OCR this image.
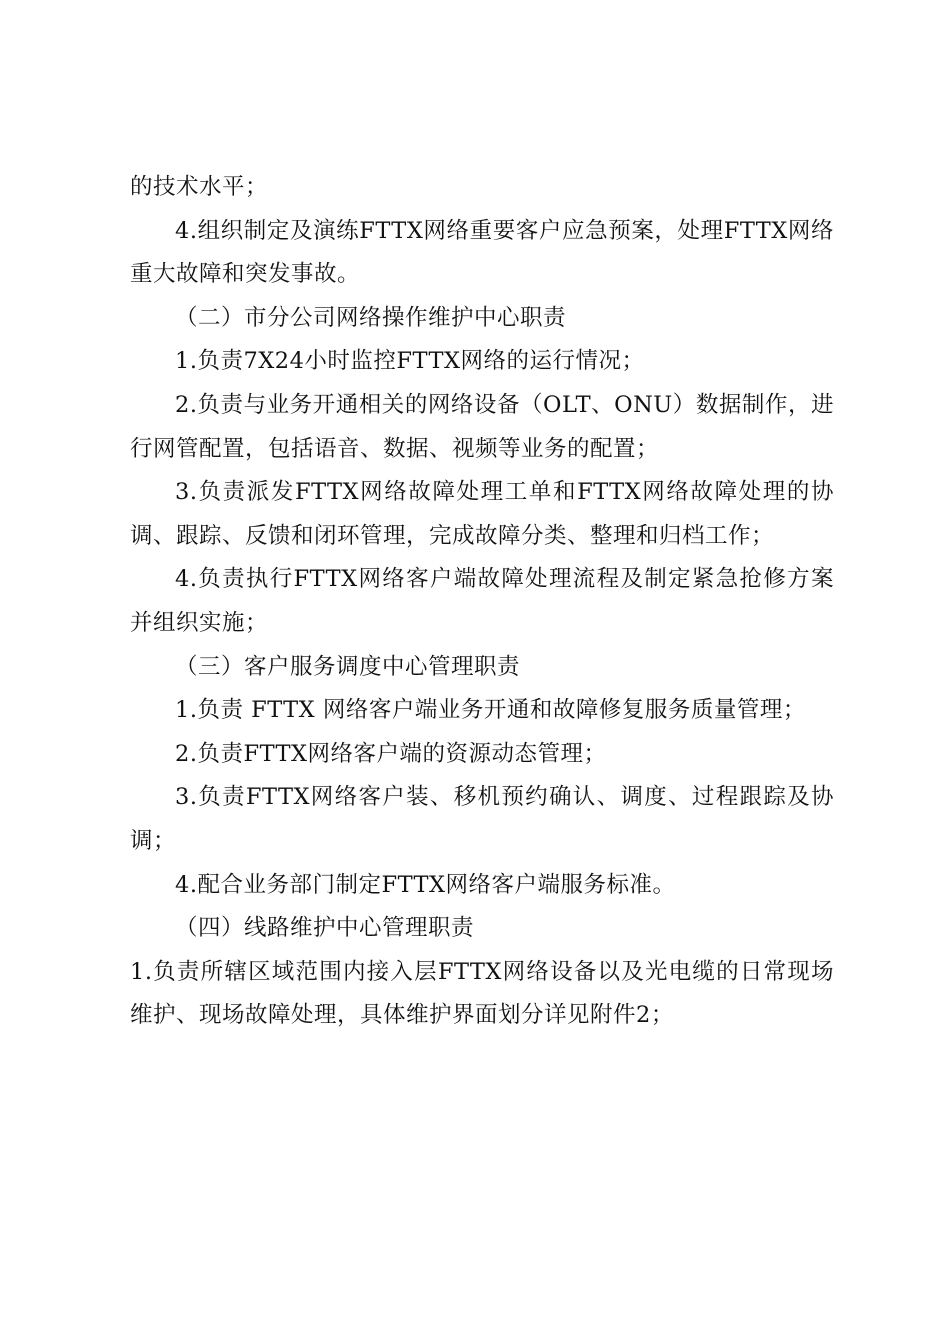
的技术水平；

4.组织制定及演练FTTX网络重要客户应急预案，处理FTTX网络重大故障和突发事故。

（二）市分公司网络操作维护中心职责

1.负责7X24小时监控FTTX网络的运行情况；

2.负责与业务开通相关的网络设备（OLT、ONU）数据制作，进行网管配置，包括语音、数据、视频等业务的配置；

3.负责派发FTTX网络故障处理工单和FTTX网络故障处理的协调、跟踪、反馈和闭环管理，完成故障分类、整理和归档工作；

4.负责执行FTTX网络客户端故障处理流程及制定紧急抢修方案并组织实施；

（三）客户服务调度中心管理职责

1.负责 FTTX 网络客户端业务开通和故障修复服务质量管理；

2.负责FTTX网络客户端的资源动态管理；

3.负责FTTX网络客户装、移机预约确认、调度、过程跟踪及协调；

4.配合业务部门制定FTTX网络客户端服务标准。

（四）线路维护中心管理职责

1.负责所辖区域范围内接入层FTTX网络设备以及光电缆的日常现场维护、现场故障处理，具体维护界面划分详见附件2；
